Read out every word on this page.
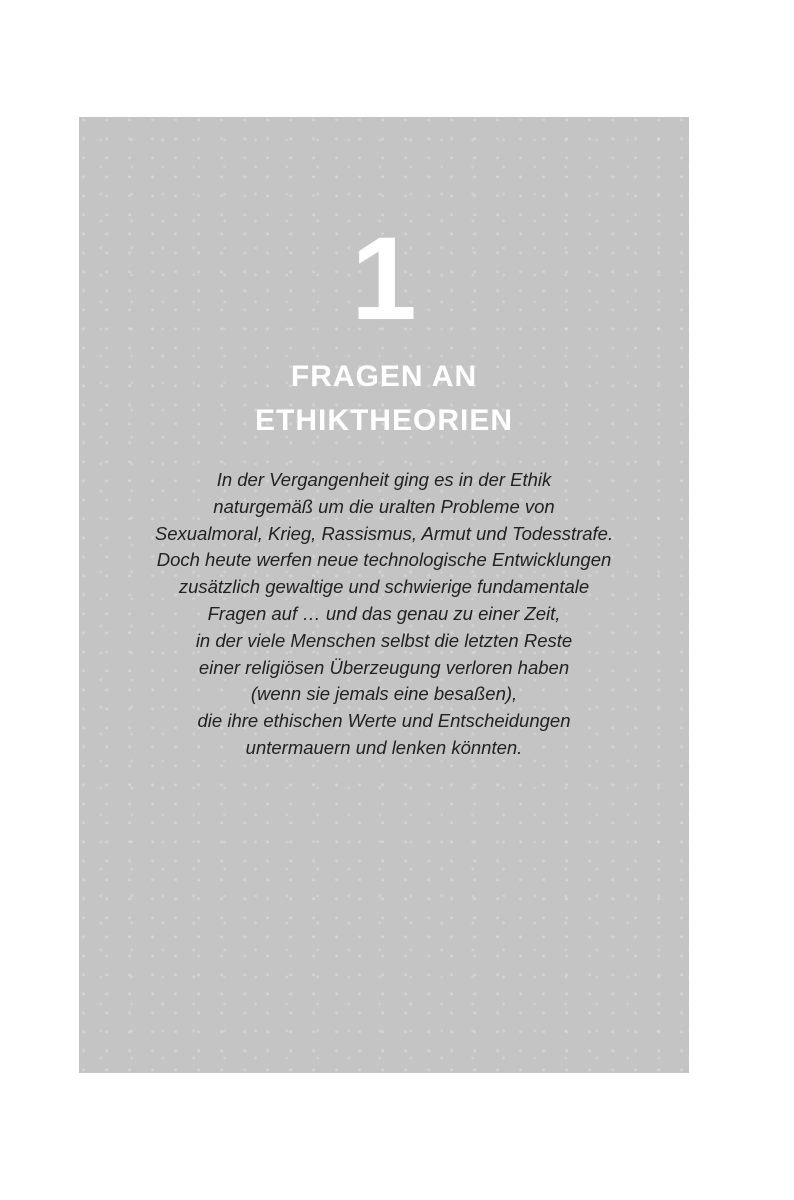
1
FRAGEN AN
ETHIKTHEORIEN
In der Vergangenheit ging es in der Ethik
naturgemäß um die uralten Probleme von
Sexualmoral, Krieg, Rassismus, Armut und Todesstrafe.
Doch heute werfen neue technologische Entwicklungen
zusätzlich gewaltige und schwierige fundamentale
Fragen auf … und das genau zu einer Zeit,
in der viele Menschen selbst die letzten Reste
einer religiösen Überzeugung verloren haben
(wenn sie jemals eine besaßen),
die ihre ethischen Werte und Entscheidungen
untermauern und lenken könnten.
